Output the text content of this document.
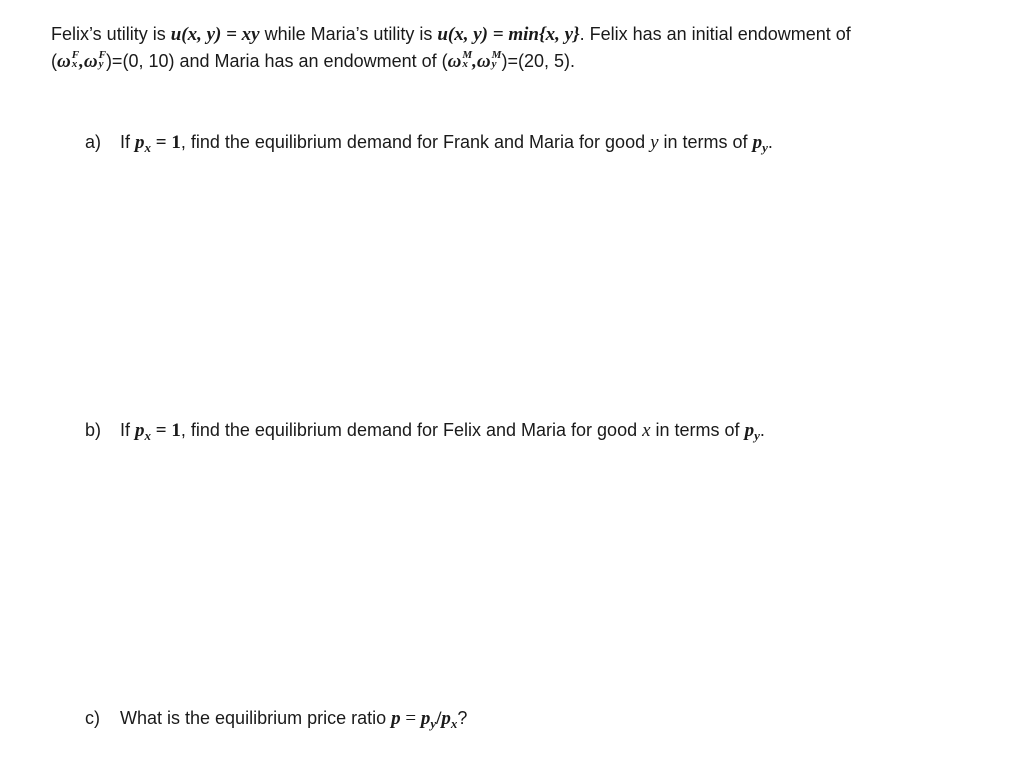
Felix’s utility is u(x, y) = xy while Maria’s utility is u(x, y) = min{x, y}. Felix has an initial endowment of

(ω F
x ,ω F
y )=(0, 10) and Maria has an endowment of (ω M
x ,ω M
y )=(20, 5).

a) If $p_x = 1$, find the equilibrium demand for Frank and Maria for good y in terms of $p_y$.
b) If $p_x = 1$, find the equilibrium demand for Felix and Maria for good x in terms of $p_y$.
c) What is the equilibrium price ratio $p = p_y/p_x$?
